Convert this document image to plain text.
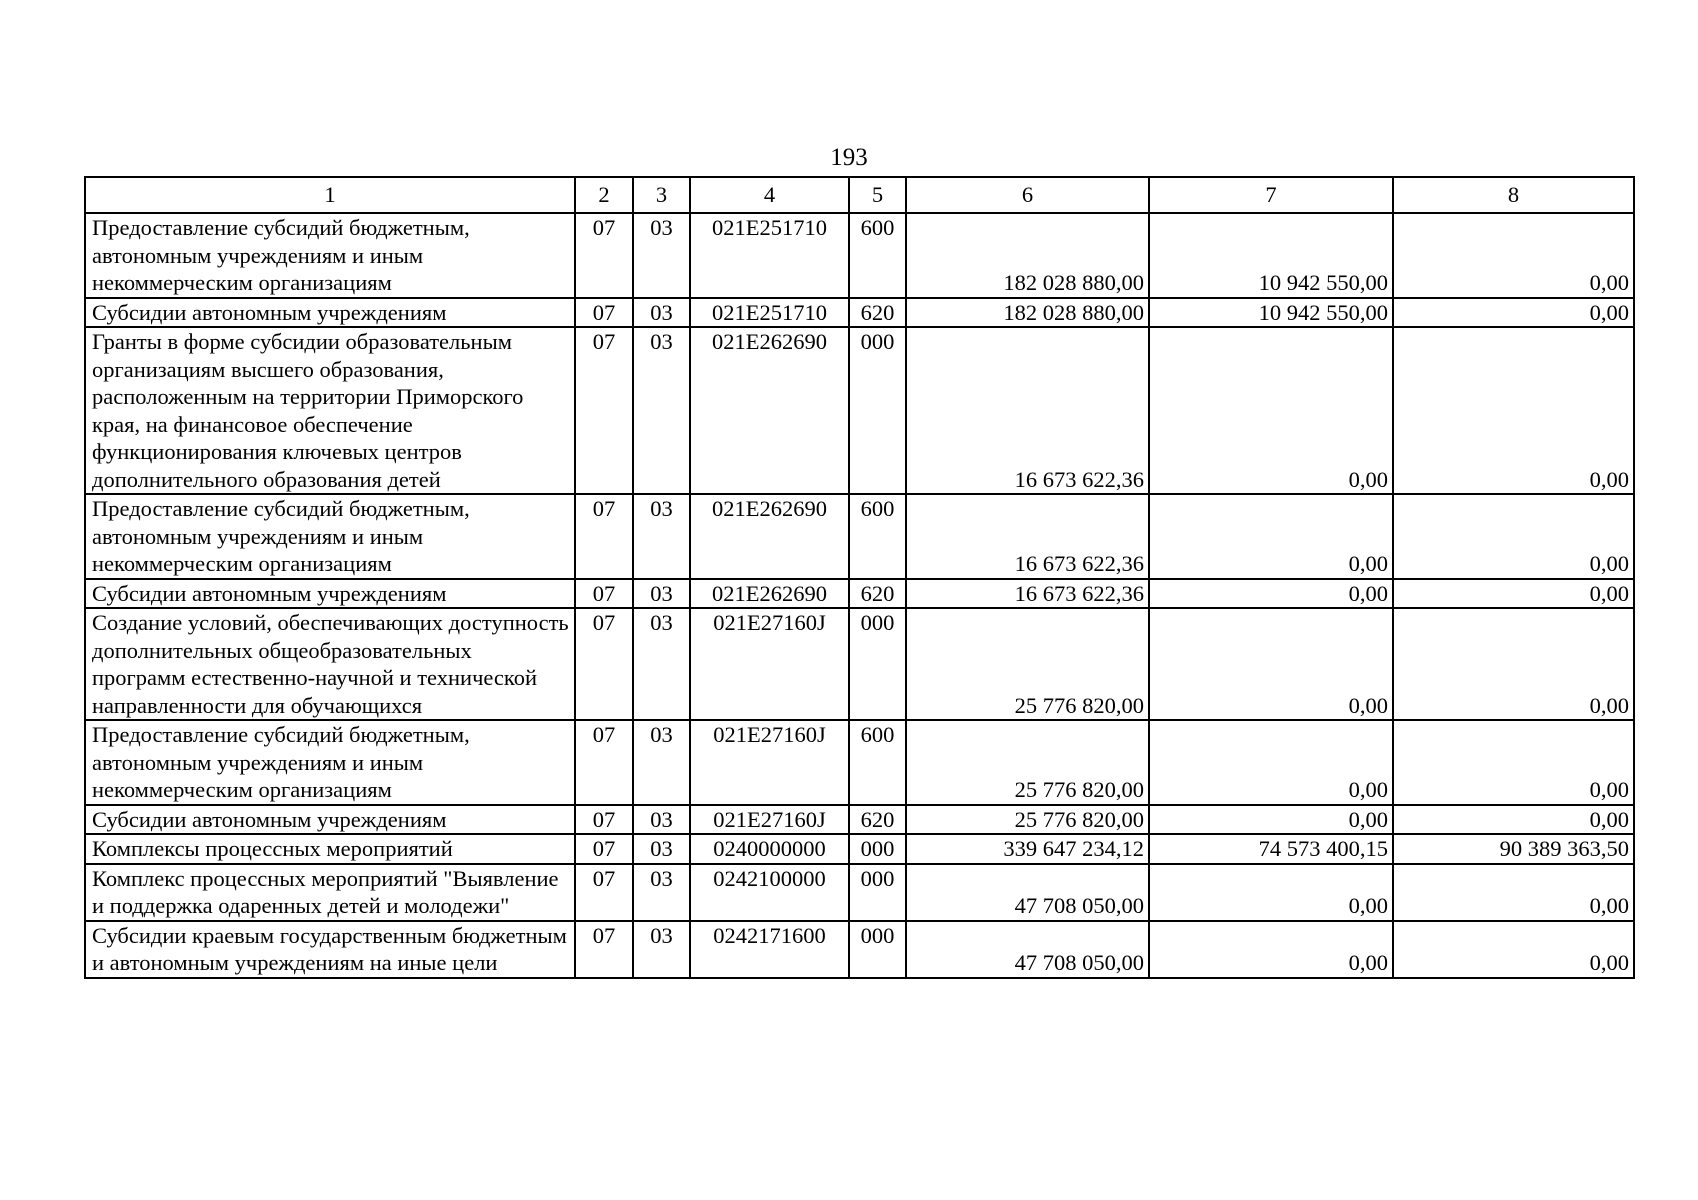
193
1	2	3	4	5	6	7	8
Предоставление субсидий бюджетным, автономным учреждениям и иным некоммерческим организациям	07	03	021E251710	600	182 028 880,00	10 942 550,00	0,00
Субсидии автономным учреждениям	07	03	021E251710	620	182 028 880,00	10 942 550,00	0,00
Гранты в форме субсидии образовательным организациям высшего образования, расположенным на территории Приморского края, на финансовое обеспечение функционирования ключевых центров дополнительного образования детей	07	03	021E262690	000	16 673 622,36	0,00	0,00
Предоставление субсидий бюджетным, автономным учреждениям и иным некоммерческим организациям	07	03	021E262690	600	16 673 622,36	0,00	0,00
Субсидии автономным учреждениям	07	03	021E262690	620	16 673 622,36	0,00	0,00
Создание условий, обеспечивающих доступность дополнительных общеобразовательных программ естественно-научной и технической направленности для обучающихся	07	03	021E27160J	000	25 776 820,00	0,00	0,00
Предоставление субсидий бюджетным, автономным учреждениям и иным некоммерческим организациям	07	03	021E27160J	600	25 776 820,00	0,00	0,00
Субсидии автономным учреждениям	07	03	021E27160J	620	25 776 820,00	0,00	0,00
Комплексы процессных мероприятий	07	03	0240000000	000	339 647 234,12	74 573 400,15	90 389 363,50
Комплекс процессных мероприятий "Выявление и поддержка одаренных детей и молодежи"	07	03	0242100000	000	47 708 050,00	0,00	0,00
Субсидии краевым государственным бюджетным и автономным учреждениям на иные цели	07	03	0242171600	000	47 708 050,00	0,00	0,00
